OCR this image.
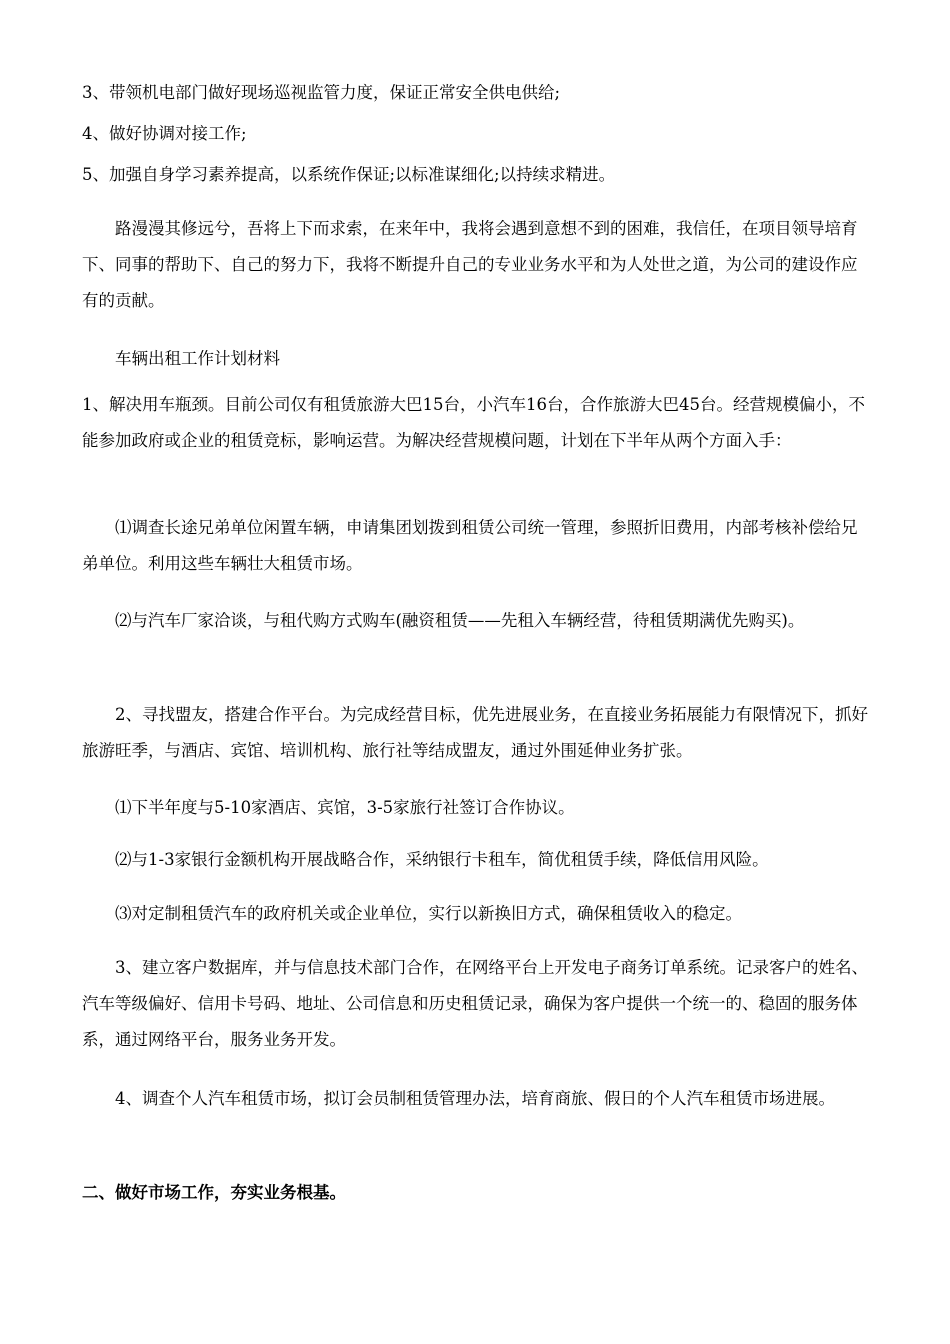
3、带领机电部门做好现场巡视监管力度，保证正常安全供电供给;

4、做好协调对接工作;

5、加强自身学习素养提高，以系统作保证;以标准谋细化;以持续求精进。

路漫漫其修远兮，吾将上下而求索，在来年中，我将会遇到意想不到的困难，我信任，在项目领导培育下、同事的帮助下、自己的努力下，我将不断提升自己的专业业务水平和为人处世之道，为公司的建设作应有的贡献。

车辆出租工作计划材料

1、解决用车瓶颈。目前公司仅有租赁旅游大巴15台，小汽车16台，合作旅游大巴45台。经营规模偏小，不能参加政府或企业的租赁竞标，影响运营。为解决经营规模问题，计划在下半年从两个方面入手：

⑴调查长途兄弟单位闲置车辆，申请集团划拨到租赁公司统一管理，参照折旧费用，内部考核补偿给兄弟单位。利用这些车辆壮大租赁市场。

⑵与汽车厂家洽谈，与租代购方式购车(融资租赁——先租入车辆经营，待租赁期满优先购买)。

2、寻找盟友，搭建合作平台。为完成经营目标，优先进展业务，在直接业务拓展能力有限情况下，抓好旅游旺季，与酒店、宾馆、培训机构、旅行社等结成盟友，通过外围延伸业务扩张。

⑴下半年度与5-10家酒店、宾馆，3-5家旅行社签订合作协议。

⑵与1-3家银行金额机构开展战略合作，采纳银行卡租车，简优租赁手续，降低信用风险。

⑶对定制租赁汽车的政府机关或企业单位，实行以新换旧方式，确保租赁收入的稳定。

3、建立客户数据库，并与信息技术部门合作，在网络平台上开发电子商务订单系统。记录客户的姓名、汽车等级偏好、信用卡号码、地址、公司信息和历史租赁记录，确保为客户提供一个统一的、稳固的服务体系，通过网络平台，服务业务开发。

4、调查个人汽车租赁市场，拟订会员制租赁管理办法，培育商旅、假日的个人汽车租赁市场进展。

二、做好市场工作，夯实业务根基。
